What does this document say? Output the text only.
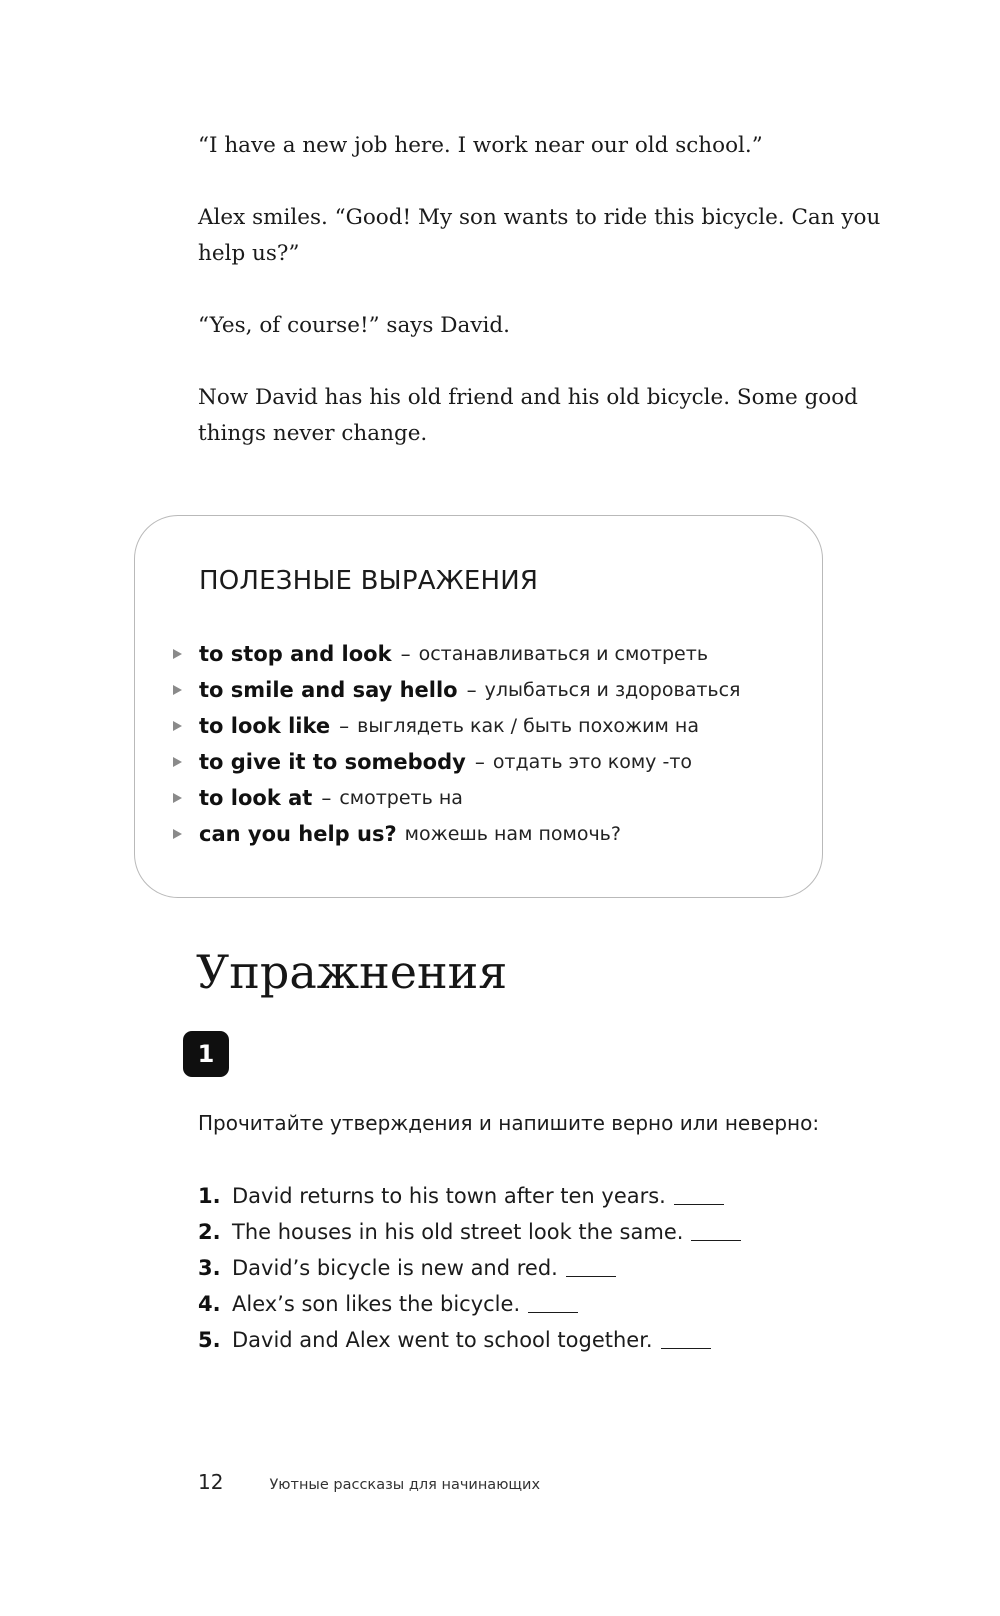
“I have a new job here. I work near our old school.”

Alex smiles. “Good! My son wants to ride this bicycle. Can you help us?”

“Yes, of course!” says David.

Now David has his old friend and his old bicycle. Some good things never change.

ПОЛЕЗНЫЕ ВЫРАЖЕНИЯ
to stop and look – останавливаться и смотреть
to smile and say hello – улыбаться и здороваться
to look like – выглядеть как / быть похожим на
to give it to somebody – отдать это кому -то
to look at – смотреть на
can you help us? можешь нам помочь?
Упражнения
1
Прочитайте утверждения и напишите верно или неверно:
1. David returns to his town after ten years.
2. The houses in his old street look the same.
3. David’s bicycle is new and red.
4. Alex’s son likes the bicycle.
5. David and Alex went to school together.
12	Уютные рассказы для начинающих
